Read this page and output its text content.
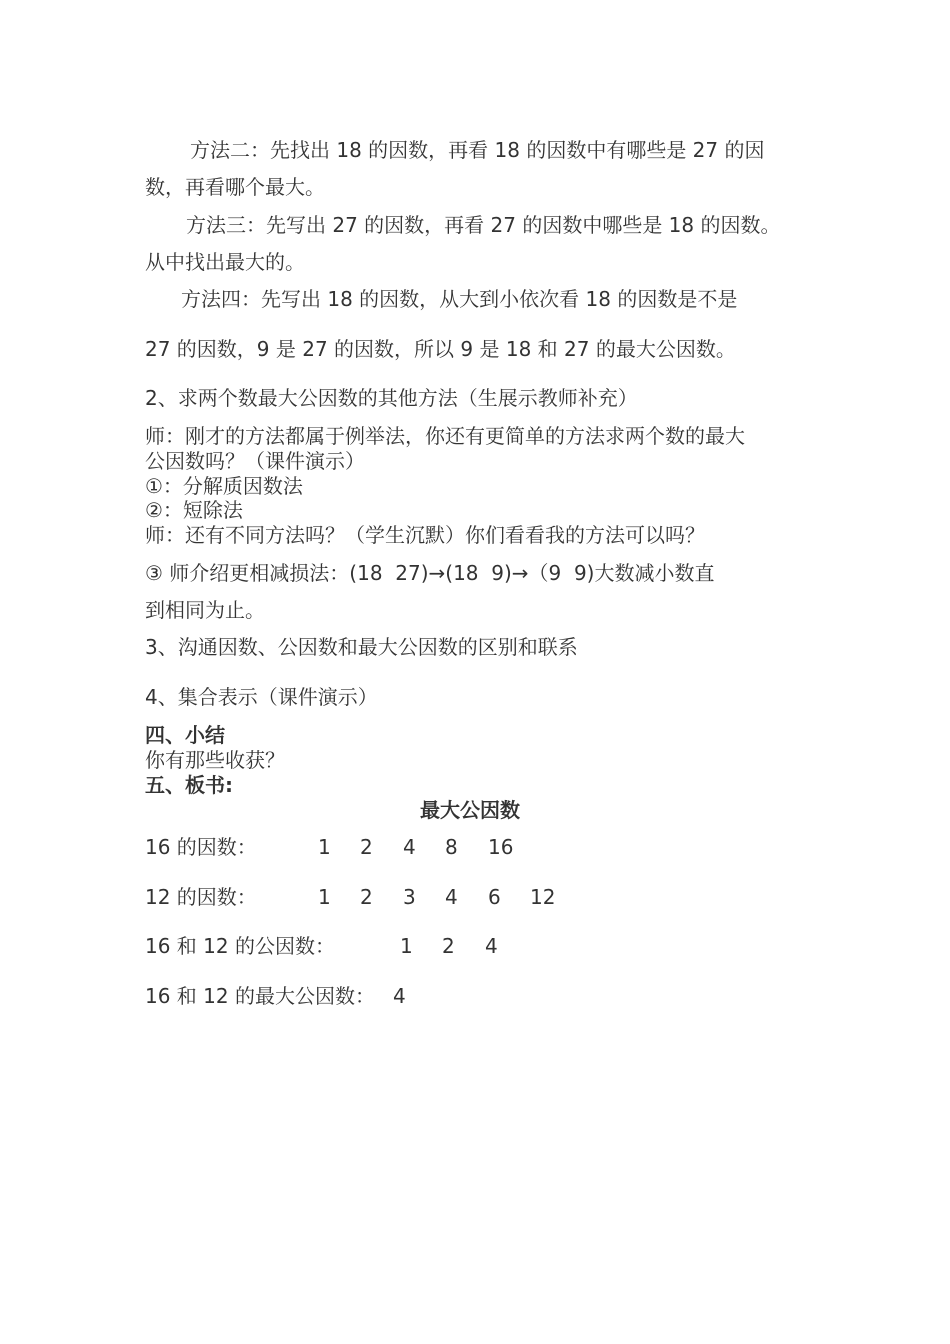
方法二：先找出 18 的因数，再看 18 的因数中有哪些是 27 的因
数，再看哪个最大。
方法三：先写出 27 的因数，再看 27 的因数中哪些是 18 的因数。
从中找出最大的。
方法四：先写出 18 的因数，从大到小依次看 18 的因数是不是
27 的因数，9 是 27 的因数，所以 9 是 18 和 27 的最大公因数。
2、求两个数最大公因数的其他方法（生展示教师补充）
师：刚才的方法都属于例举法，你还有更简单的方法求两个数的最大
公因数吗？（课件演示）
①：分解质因数法
②：短除法
师：还有不同方法吗？（学生沉默）你们看看我的方法可以吗？
③ 师介绍更相减损法：(18  27)→(18  9)→（9  9)大数减小数直
到相同为止。
3、沟通因数、公因数和最大公因数的区别和联系
4、集合表示（课件演示）
四、小结
你有那些收获？
五、板书:
最大公因数
16 的因数：	1 2 4 8 16
12 的因数：	1 2 3 4 6 12
16 和 12 的公因数：	1 2 4
16 和 12 的最大公因数： 4
